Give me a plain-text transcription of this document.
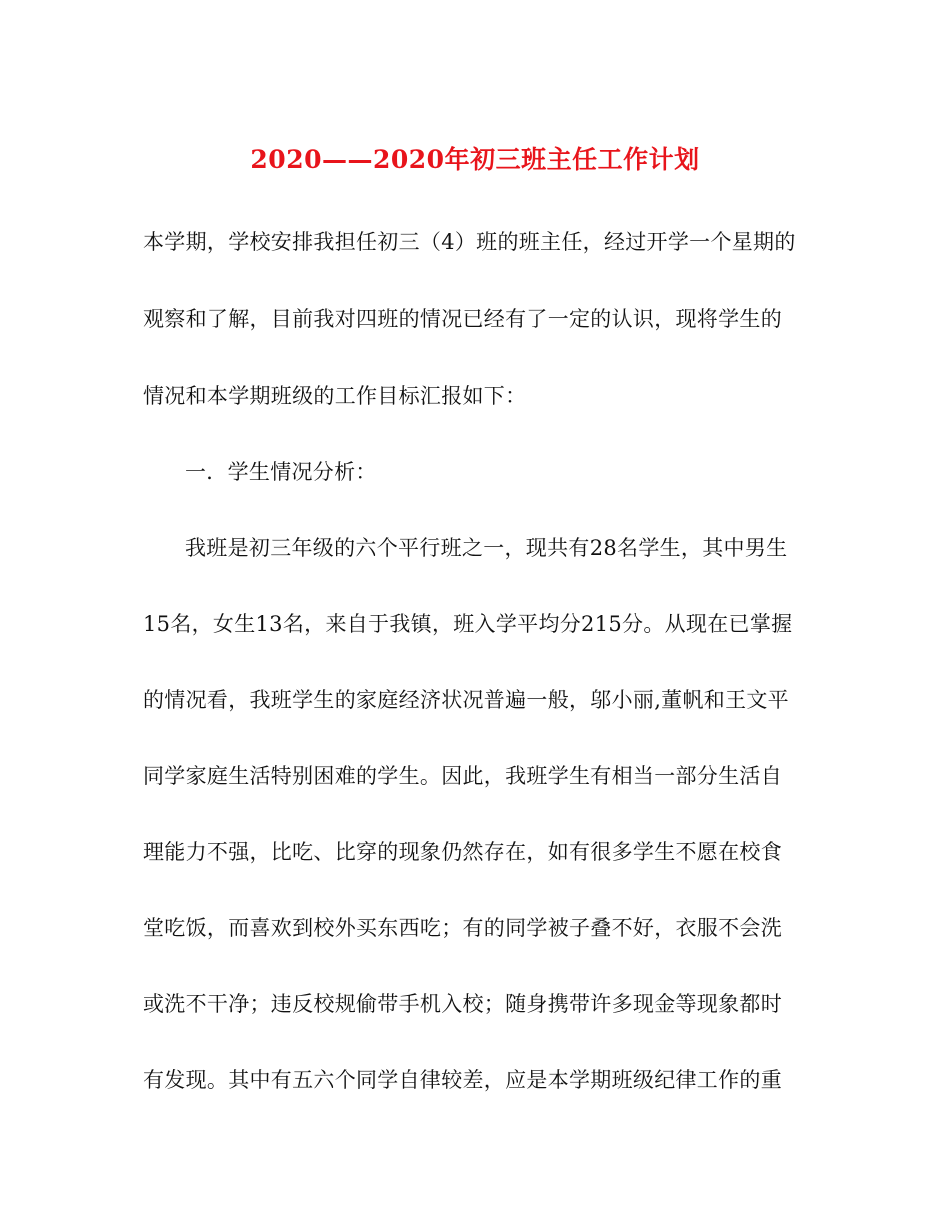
2020——2020年初三班主任工作计划

本学期，学校安排我担任初三（4）班的班主任，经过开学一个星期的

观察和了解，目前我对四班的情况已经有了一定的认识，现将学生的

情况和本学期班级的工作目标汇报如下：

一．学生情况分析：

我班是初三年级的六个平行班之一，现共有28名学生，其中男生

15名，女生13名，来自于我镇，班入学平均分215分。从现在已掌握

的情况看，我班学生的家庭经济状况普遍一般，邬小丽,董帆和王文平

同学家庭生活特别困难的学生。因此，我班学生有相当一部分生活自

理能力不强，比吃、比穿的现象仍然存在，如有很多学生不愿在校食

堂吃饭，而喜欢到校外买东西吃；有的同学被子叠不好，衣服不会洗

或洗不干净；违反校规偷带手机入校；随身携带许多现金等现象都时

有发现。其中有五六个同学自律较差，应是本学期班级纪律工作的重
